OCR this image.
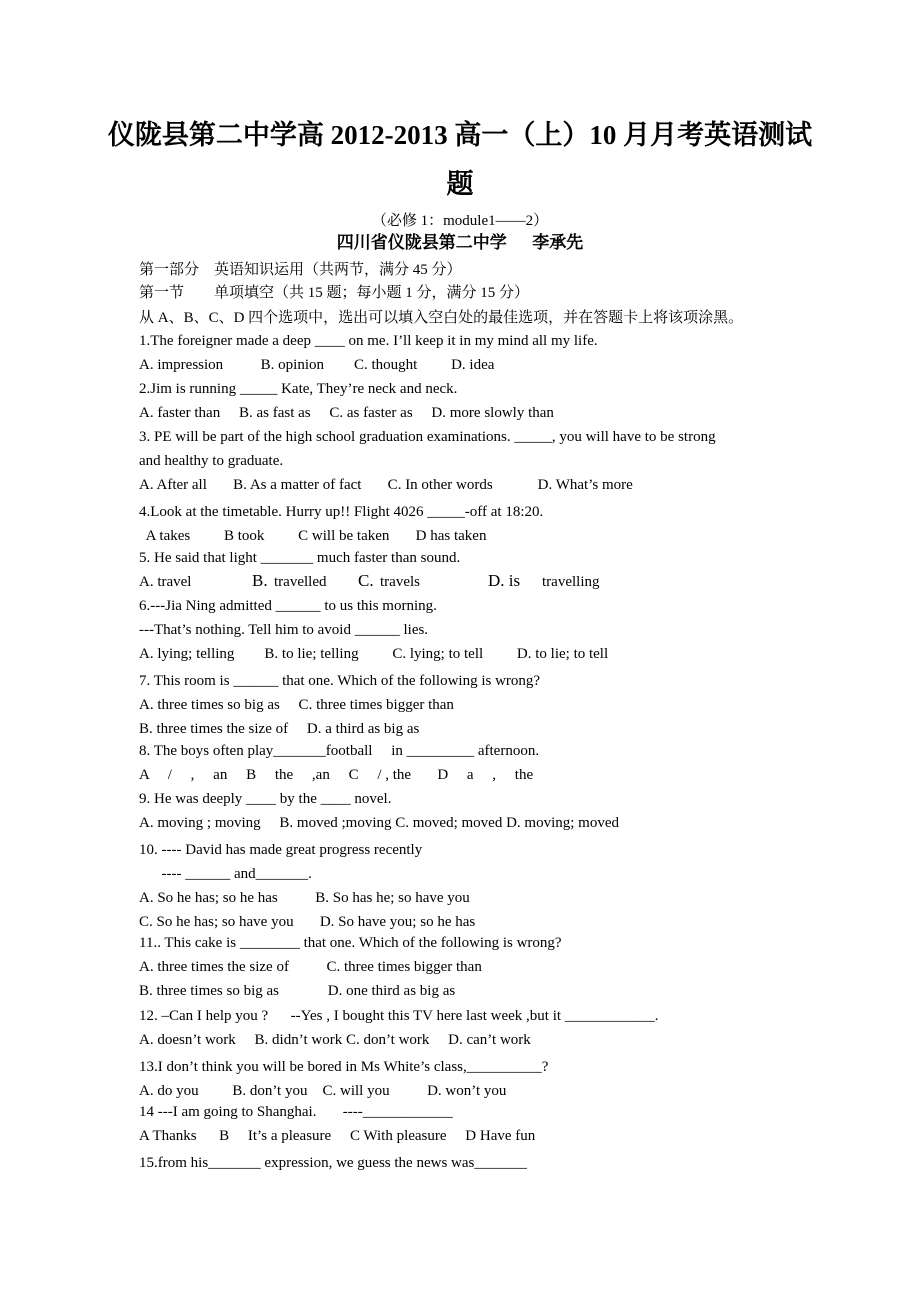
仪陇县第二中学高 2012-2013 高一（上）10 月月考英语测试
题
（必修 1：module1——2）
四川省仪陇县第二中学      李承先
第一部分    英语知识运用（共两节，满分 45 分）
第一节        单项填空（共 15 题；每小题 1 分，满分 15 分）
从 A、B、C、D 四个选项中，选出可以填入空白处的最佳选项，并在答题卡上将该项涂黑。
1.The foreigner made a deep ____ on me. I’ll keep it in my mind all my life.
A. impression          B. opinion        C. thought         D. idea
2.Jim is running _____ Kate, They’re neck and neck.
A. faster than     B. as fast as     C. as faster as     D. more slowly than
3. PE will be part of the high school graduation examinations. _____, you will have to be strong
and healthy to graduate.
A. After all       B. As a matter of fact       C. In other words            D. What’s more
4.Look at the timetable. Hurry up!! Flight 4026 _____-off at 18:20.
A takes         B took         C will be taken       D has taken
5. He said that light _______ much faster than sound.
A. travel	B. travelled C. travels	D. is travelling
6.---Jia Ning admitted ______ to us this morning.
---That’s nothing. Tell him to avoid ______ lies.
A. lying; telling        B. to lie; telling         C. lying; to tell         D. to lie; to tell
7. This room is ______ that one. Which of the following is wrong?
A. three times so big as     C. three times bigger than
B. three times the size of     D. a third as big as
8. The boys often play_______football     in _________ afternoon.
A     /     ,     an     B     the     ,an     C     / , the       D     a     ,     the
9. He was deeply ____ by the ____ novel.
A. moving ; moving     B. moved ;moving C. moved; moved D. moving; moved
10. ---- David has made great progress recently
---- ______ and_______.
A. So he has; so he has          B. So has he; so have you
C. So he has; so have you       D. So have you; so he has
11.. This cake is ________ that one. Which of the following is wrong?
A. three times the size of          C. three times bigger than
B. three times so big as             D. one third as big as
12. –Can I help you ?      --Yes , I bought this TV here last week ,but it ____________.
A. doesn’t work     B. didn’t work C. don’t work     D. can’t work
13.I don’t think you will be bored in Ms White’s class,__________?
A. do you         B. don’t you    C. will you          D. won’t you
14 ---I am going to Shanghai.       ----____________
A Thanks      B     It’s a pleasure     C With pleasure     D Have fun
15.from his_______ expression, we guess the news was_______
